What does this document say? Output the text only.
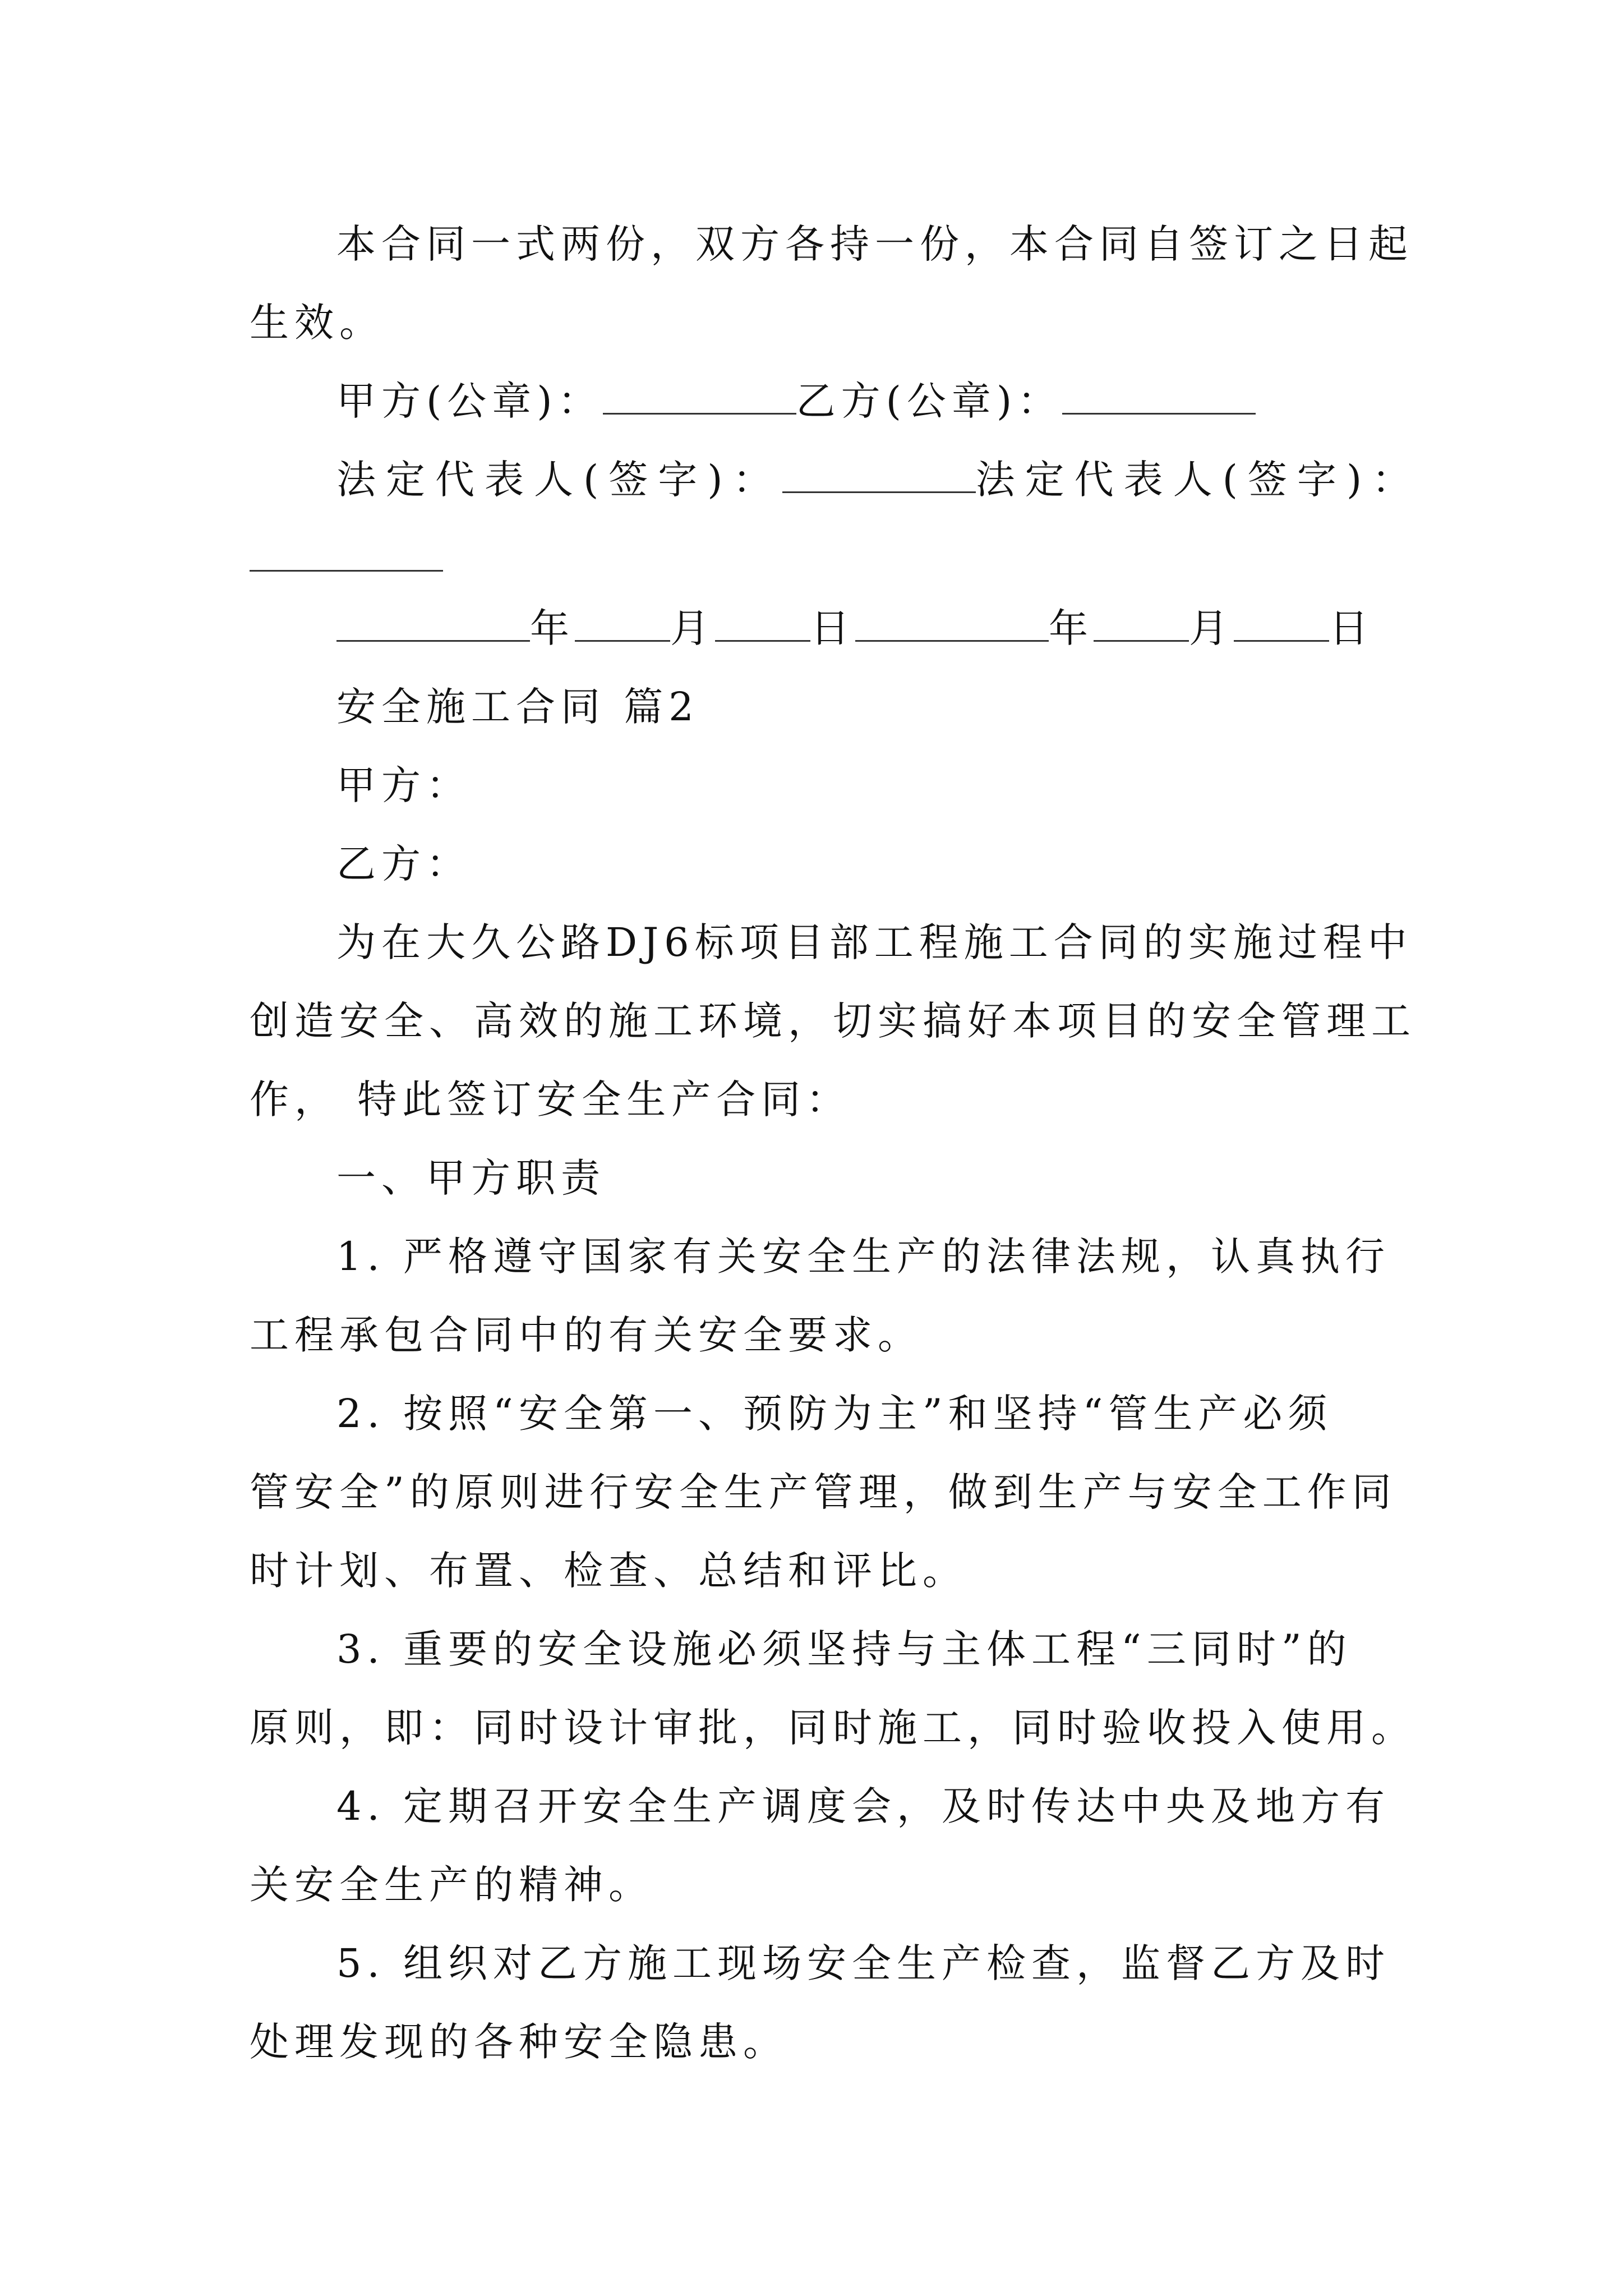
本合同一式两份，双方各持一份，本合同自签订之日起
生效。
甲方(公章)：	乙方(公章)：
法定代表人(签字)：	法定代表人(签字)：
年 月 日	年 月 日
安全施工合同 篇2
甲方：
乙方：
为在大久公路DJ6标项目部工程施工合同的实施过程中
创造安全、高效的施工环境，切实搞好本项目的安全管理工
作， 特此签订安全生产合同：
一、甲方职责
1. 严格遵守国家有关安全生产的法律法规，认真执行
工程承包合同中的有关安全要求。
2. 按照“安全第一、预防为主”和坚持“管生产必须
管安全”的原则进行安全生产管理，做到生产与安全工作同
时计划、布置、检查、总结和评比。
3. 重要的安全设施必须坚持与主体工程“三同时”的
原则，即：同时设计审批，同时施工，同时验收投入使用。
4. 定期召开安全生产调度会，及时传达中央及地方有
关安全生产的精神。
5. 组织对乙方施工现场安全生产检查，监督乙方及时
处理发现的各种安全隐患。
